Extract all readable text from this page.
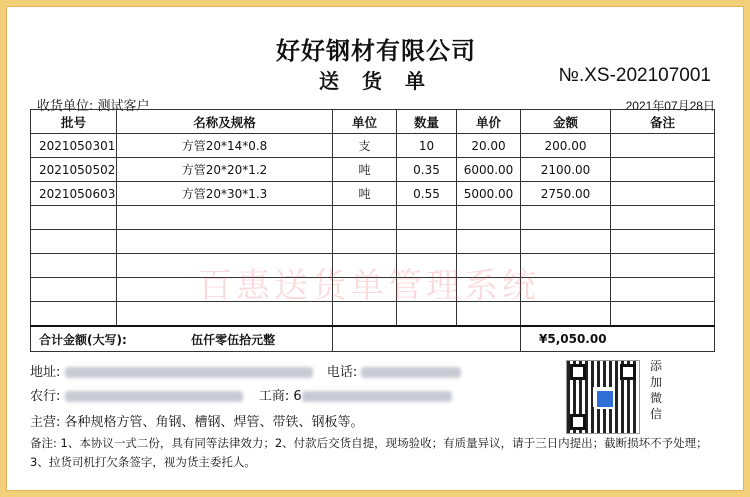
好好钢材有限公司
送 货 单	№.XS-202107001
收货单位: 测试客户	2021年07月28日
批号	名称及规格	单位	数量	单价	金额	备注
2021050301	方管20*14*0.8	支	10	20.00	200.00	
2021050502	方管20*20*1.2	吨	0.35	6000.00	2100.00	
2021050603	方管20*30*1.3	吨	0.55	5000.00	2750.00	

合计金额(大写): 伍仟零伍拾元整					¥5,050.00	
百惠送货单管理系统
地址:	电话:
农行:	工商: 6
主营: 各种规格方管、角钢、槽钢、焊管、带铁、钢板等。
备注: 1、本协议一式二份，具有同等法律效力；2、付款后交货自提，现场验收；有质量异议，请于三日内提出；截断损坏不予处理；3、拉货司机打欠条签字，视为货主委托人。
添加微信
